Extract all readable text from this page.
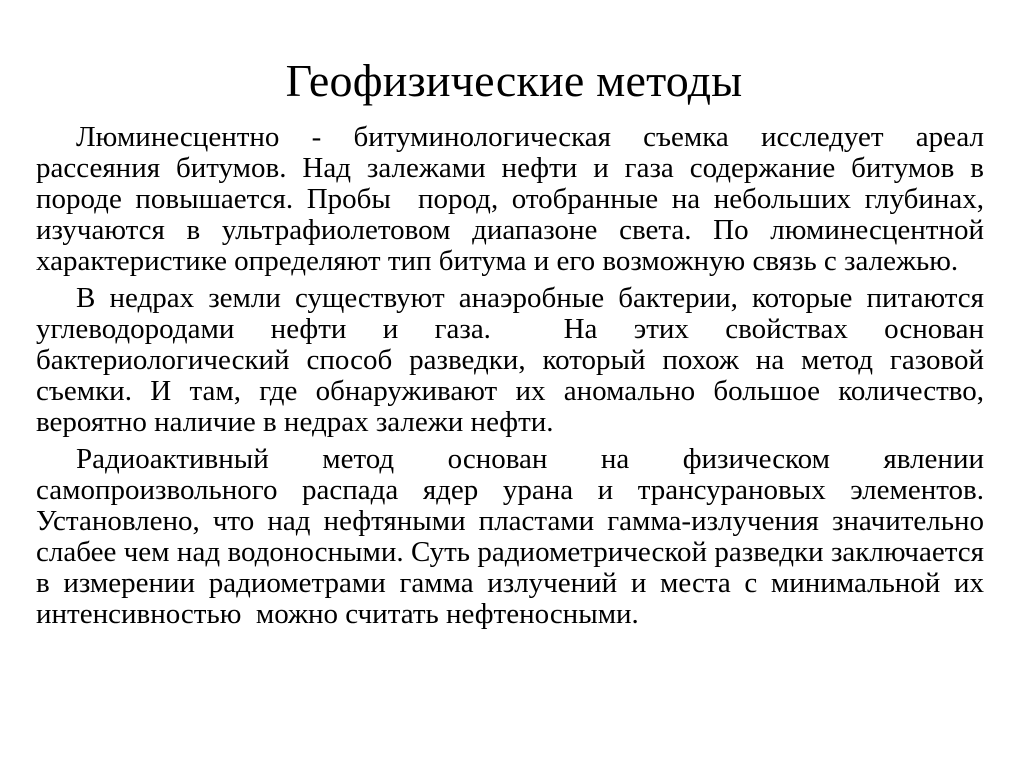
Геофизические методы

Люминесцентно - битуминологическая съемка исследует ареал рассеяния битумов. Над залежами нефти и газа содержание битумов в породе повышается. Пробы  пород, отобранные на небольших глубинах, изучаются в ультрафиолетовом диапазоне света. По люминесцентной характеристике определяют тип битума и его возможную связь с залежью.

В недрах земли существуют анаэробные бактерии, которые питаются углеводородами нефти и газа.  На этих свойствах основан бактериологический способ разведки, который похож на метод газовой съемки. И там, где обнаруживают их аномально большое количество, вероятно наличие в недрах залежи нефти.

Радиоактивный метод основан на физическом явлении самопроизвольного распада ядер урана и трансурановых элементов. Установлено, что над нефтяными пластами гамма-излучения значительно слабее чем над водоносными. Суть радиометрической разведки заключается в измерении радиометрами гамма излучений и места с минимальной их интенсивностью  можно считать нефтеносными.
